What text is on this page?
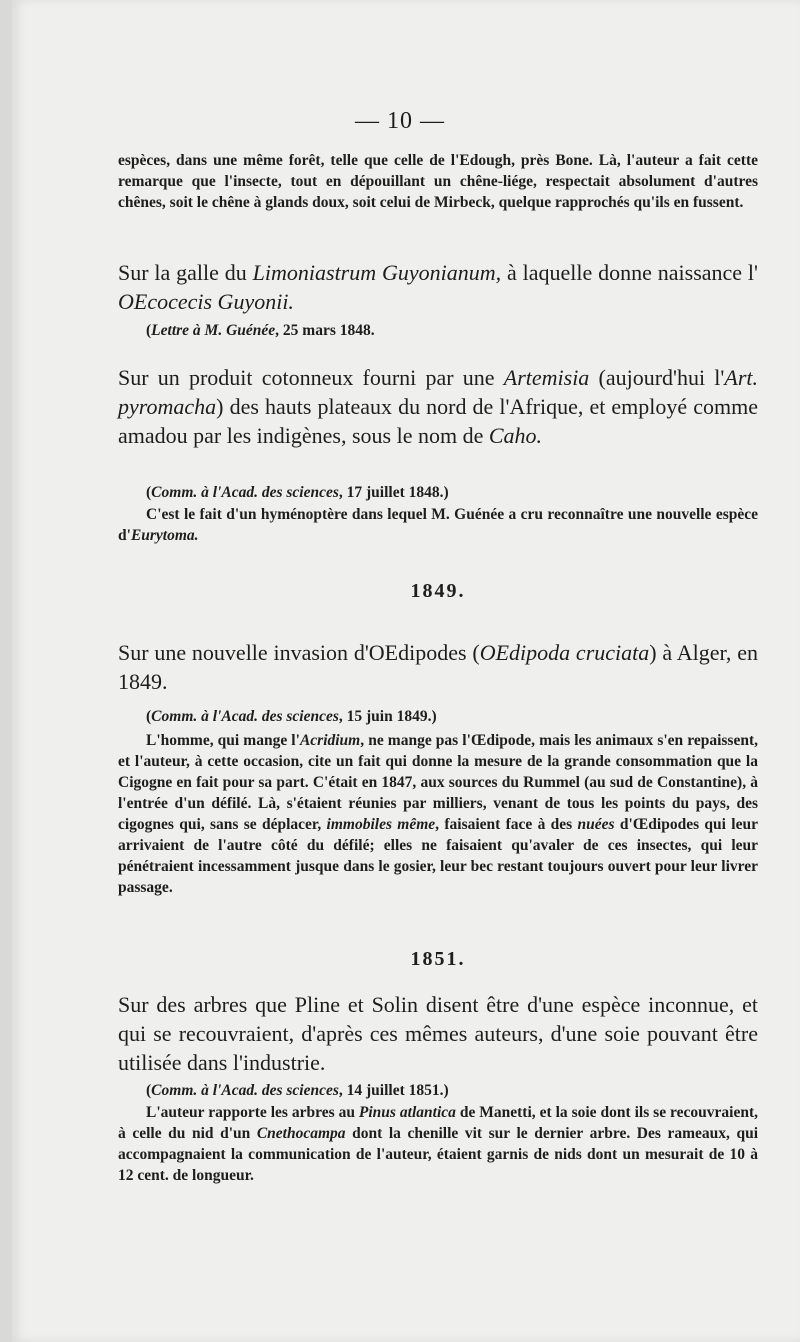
— 10 —

espèces, dans une même forêt, telle que celle de l'Edough, près Bone. Là, l'auteur a fait cette remarque que l'insecte, tout en dépouillant un chêne-liége, respectait absolument d'autres chênes, soit le chêne à glands doux, soit celui de Mirbeck, quelque rapprochés qu'ils en fussent.

Sur la galle du Limoniastrum Guyonianum, à laquelle donne naissance l' OEcocecis Guyonii.

(Lettre à M. Guénée, 25 mars 1848.

Sur un produit cotonneux fourni par une Artemisia (aujourd'hui l'Art. pyromacha) des hauts plateaux du nord de l'Afrique, et employé comme amadou par les indigènes, sous le nom de Caho.

(Comm. à l'Acad. des sciences, 17 juillet 1848.)

C'est le fait d'un hyménoptère dans lequel M. Guénée a cru reconnaître une nouvelle espèce d'Eurytoma.

1849.

Sur une nouvelle invasion d'OEdipodes (OEdipoda cruciata) à Alger, en 1849.

(Comm. à l'Acad. des sciences, 15 juin 1849.)

L'homme, qui mange l'Acridium, ne mange pas l'Œdipode, mais les animaux s'en repaissent, et l'auteur, à cette occasion, cite un fait qui donne la mesure de la grande consommation que la Cigogne en fait pour sa part. C'était en 1847, aux sources du Rummel (au sud de Constantine), à l'entrée d'un défilé. Là, s'étaient réunies par milliers, venant de tous les points du pays, des cigognes qui, sans se déplacer, immobiles même, faisaient face à des nuées d'Œdipodes qui leur arrivaient de l'autre côté du défilé; elles ne faisaient qu'avaler de ces insectes, qui leur pénétraient incessamment jusque dans le gosier, leur bec restant toujours ouvert pour leur livrer passage.

1851.

Sur des arbres que Pline et Solin disent être d'une espèce inconnue, et qui se recouvraient, d'après ces mêmes auteurs, d'une soie pouvant être utilisée dans l'industrie.

(Comm. à l'Acad. des sciences, 14 juillet 1851.)

L'auteur rapporte les arbres au Pinus atlantica de Manetti, et la soie dont ils se recouvraient, à celle du nid d'un Cnethocampa dont la chenille vit sur le dernier arbre. Des rameaux, qui accompagnaient la communication de l'auteur, étaient garnis de nids dont un mesurait de 10 à 12 cent. de longueur.
